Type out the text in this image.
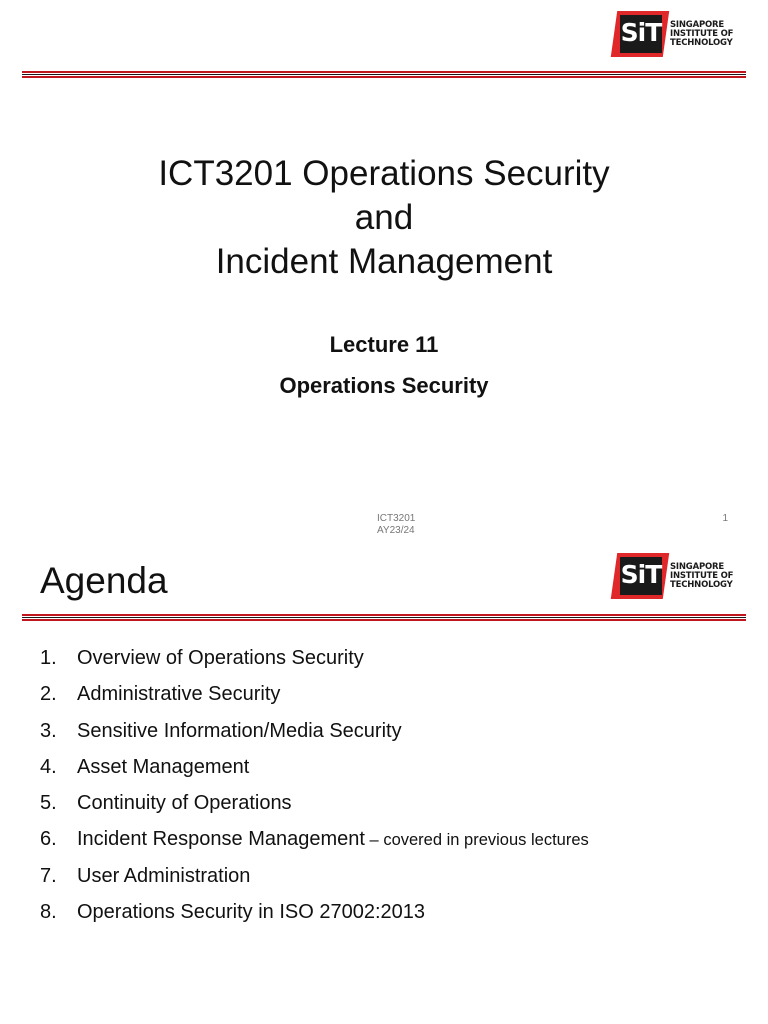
SiT	SINGAPORE
INSTITUTE OF
TECHNOLOGY
ICT3201 Operations Security
and
Incident Management
Lecture 11
Operations Security
ICT3201
AY23/24
1
Agenda	SiT	SINGAPORE
INSTITUTE OF
TECHNOLOGY
1. Overview of Operations Security
2. Administrative Security
3. Sensitive Information/Media Security
4. Asset Management
5. Continuity of Operations
6. Incident Response Management – covered in previous lectures
7. User Administration
8. Operations Security in ISO 27002:2013
